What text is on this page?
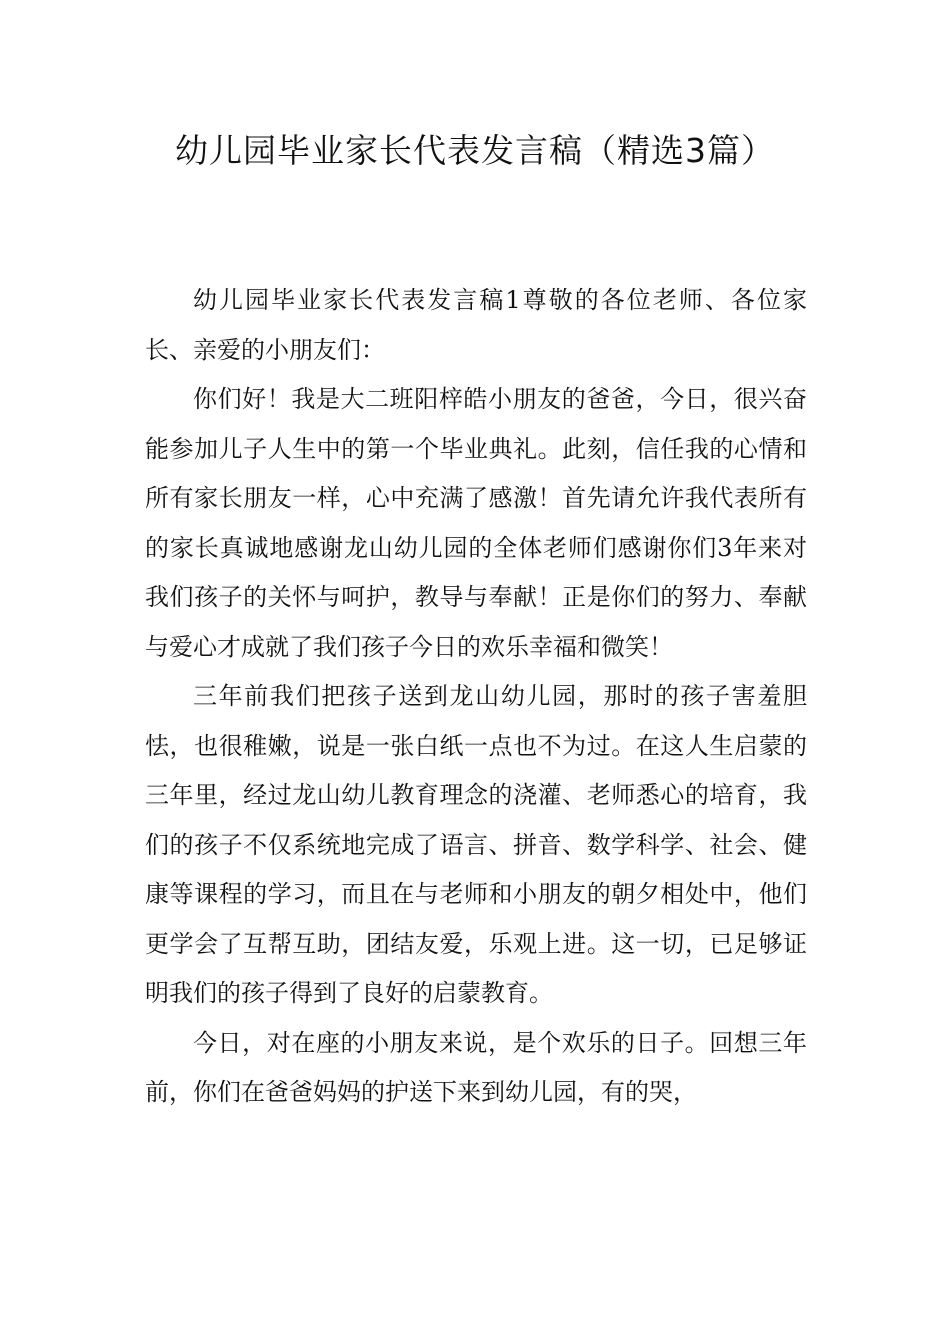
幼儿园毕业家长代表发言稿（精选3篇）

幼儿园毕业家长代表发言稿1尊敬的各位老师、各位家长、亲爱的小朋友们：

你们好！我是大二班阳梓皓小朋友的爸爸，今日，很兴奋能参加儿子人生中的第一个毕业典礼。此刻，信任我的心情和所有家长朋友一样，心中充满了感激！首先请允许我代表所有的家长真诚地感谢龙山幼儿园的全体老师们感谢你们3年来对我们孩子的关怀与呵护，教导与奉献！正是你们的努力、奉献与爱心才成就了我们孩子今日的欢乐幸福和微笑！

三年前我们把孩子送到龙山幼儿园，那时的孩子害羞胆怯，也很稚嫩，说是一张白纸一点也不为过。在这人生启蒙的三年里，经过龙山幼儿教育理念的浇灌、老师悉心的培育，我们的孩子不仅系统地完成了语言、拼音、数学科学、社会、健康等课程的学习，而且在与老师和小朋友的朝夕相处中，他们更学会了互帮互助，团结友爱，乐观上进。这一切，已足够证明我们的孩子得到了良好的启蒙教育。

今日，对在座的小朋友来说，是个欢乐的日子。回想三年前，你们在爸爸妈妈的护送下来到幼儿园，有的哭，
